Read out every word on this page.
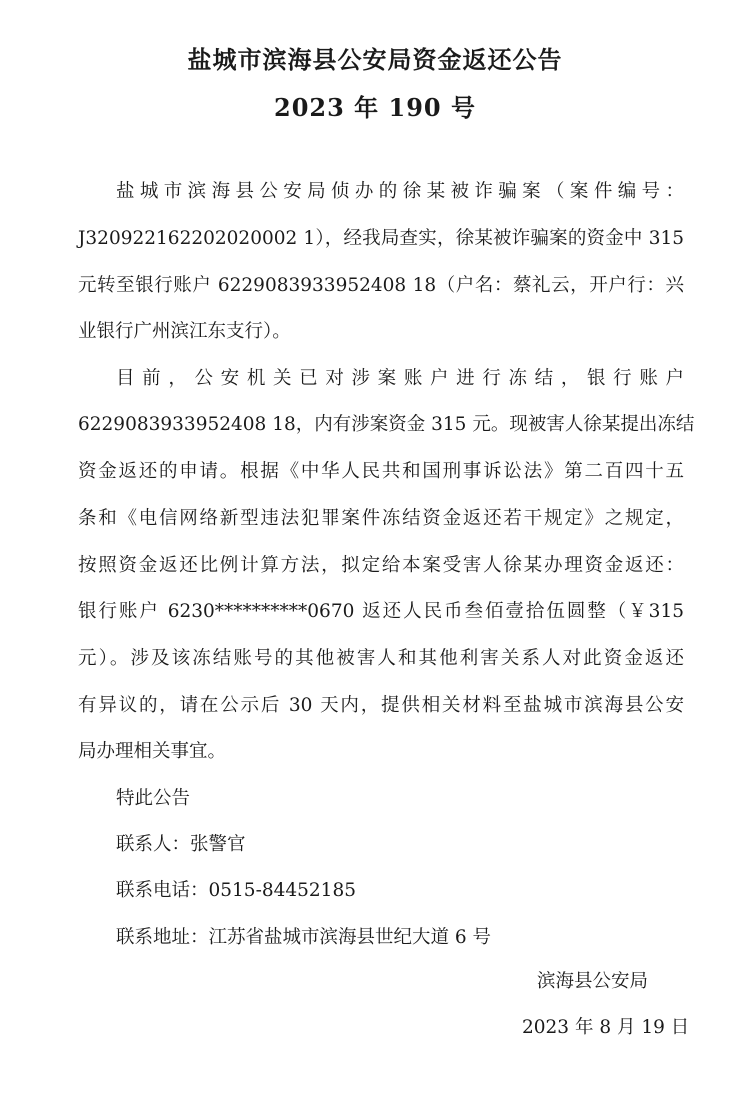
盐城市滨海县公安局资金返还公告
2023 年 190 号

盐城市滨海县公安局侦办的徐某被诈骗案（案件编号：

J320922162202020002 1），经我局查实，徐某被诈骗案的资金中 315

元转至银行账户 6229083933952408 18（户名：蔡礼云，开户行：兴

业银行广州滨江东支行）。

目前，公安机关已对涉案账户进行冻结，银行账户

6229083933952408 18，内有涉案资金 315 元。现被害人徐某提出冻结

资金返还的申请。根据《中华人民共和国刑事诉讼法》第二百四十五

条和《电信网络新型违法犯罪案件冻结资金返还若干规定》之规定，

按照资金返还比例计算方法，拟定给本案受害人徐某办理资金返还：

银行账户 6230**********0670 返还人民币叁佰壹拾伍圆整（￥315

元）。涉及该冻结账号的其他被害人和其他利害关系人对此资金返还

有异议的，请在公示后 30 天内，提供相关材料至盐城市滨海县公安

局办理相关事宜。

特此公告

联系人：张警官

联系电话：0515-84452185

联系地址：江苏省盐城市滨海县世纪大道 6 号

滨海县公安局

2023 年 8 月 19 日
